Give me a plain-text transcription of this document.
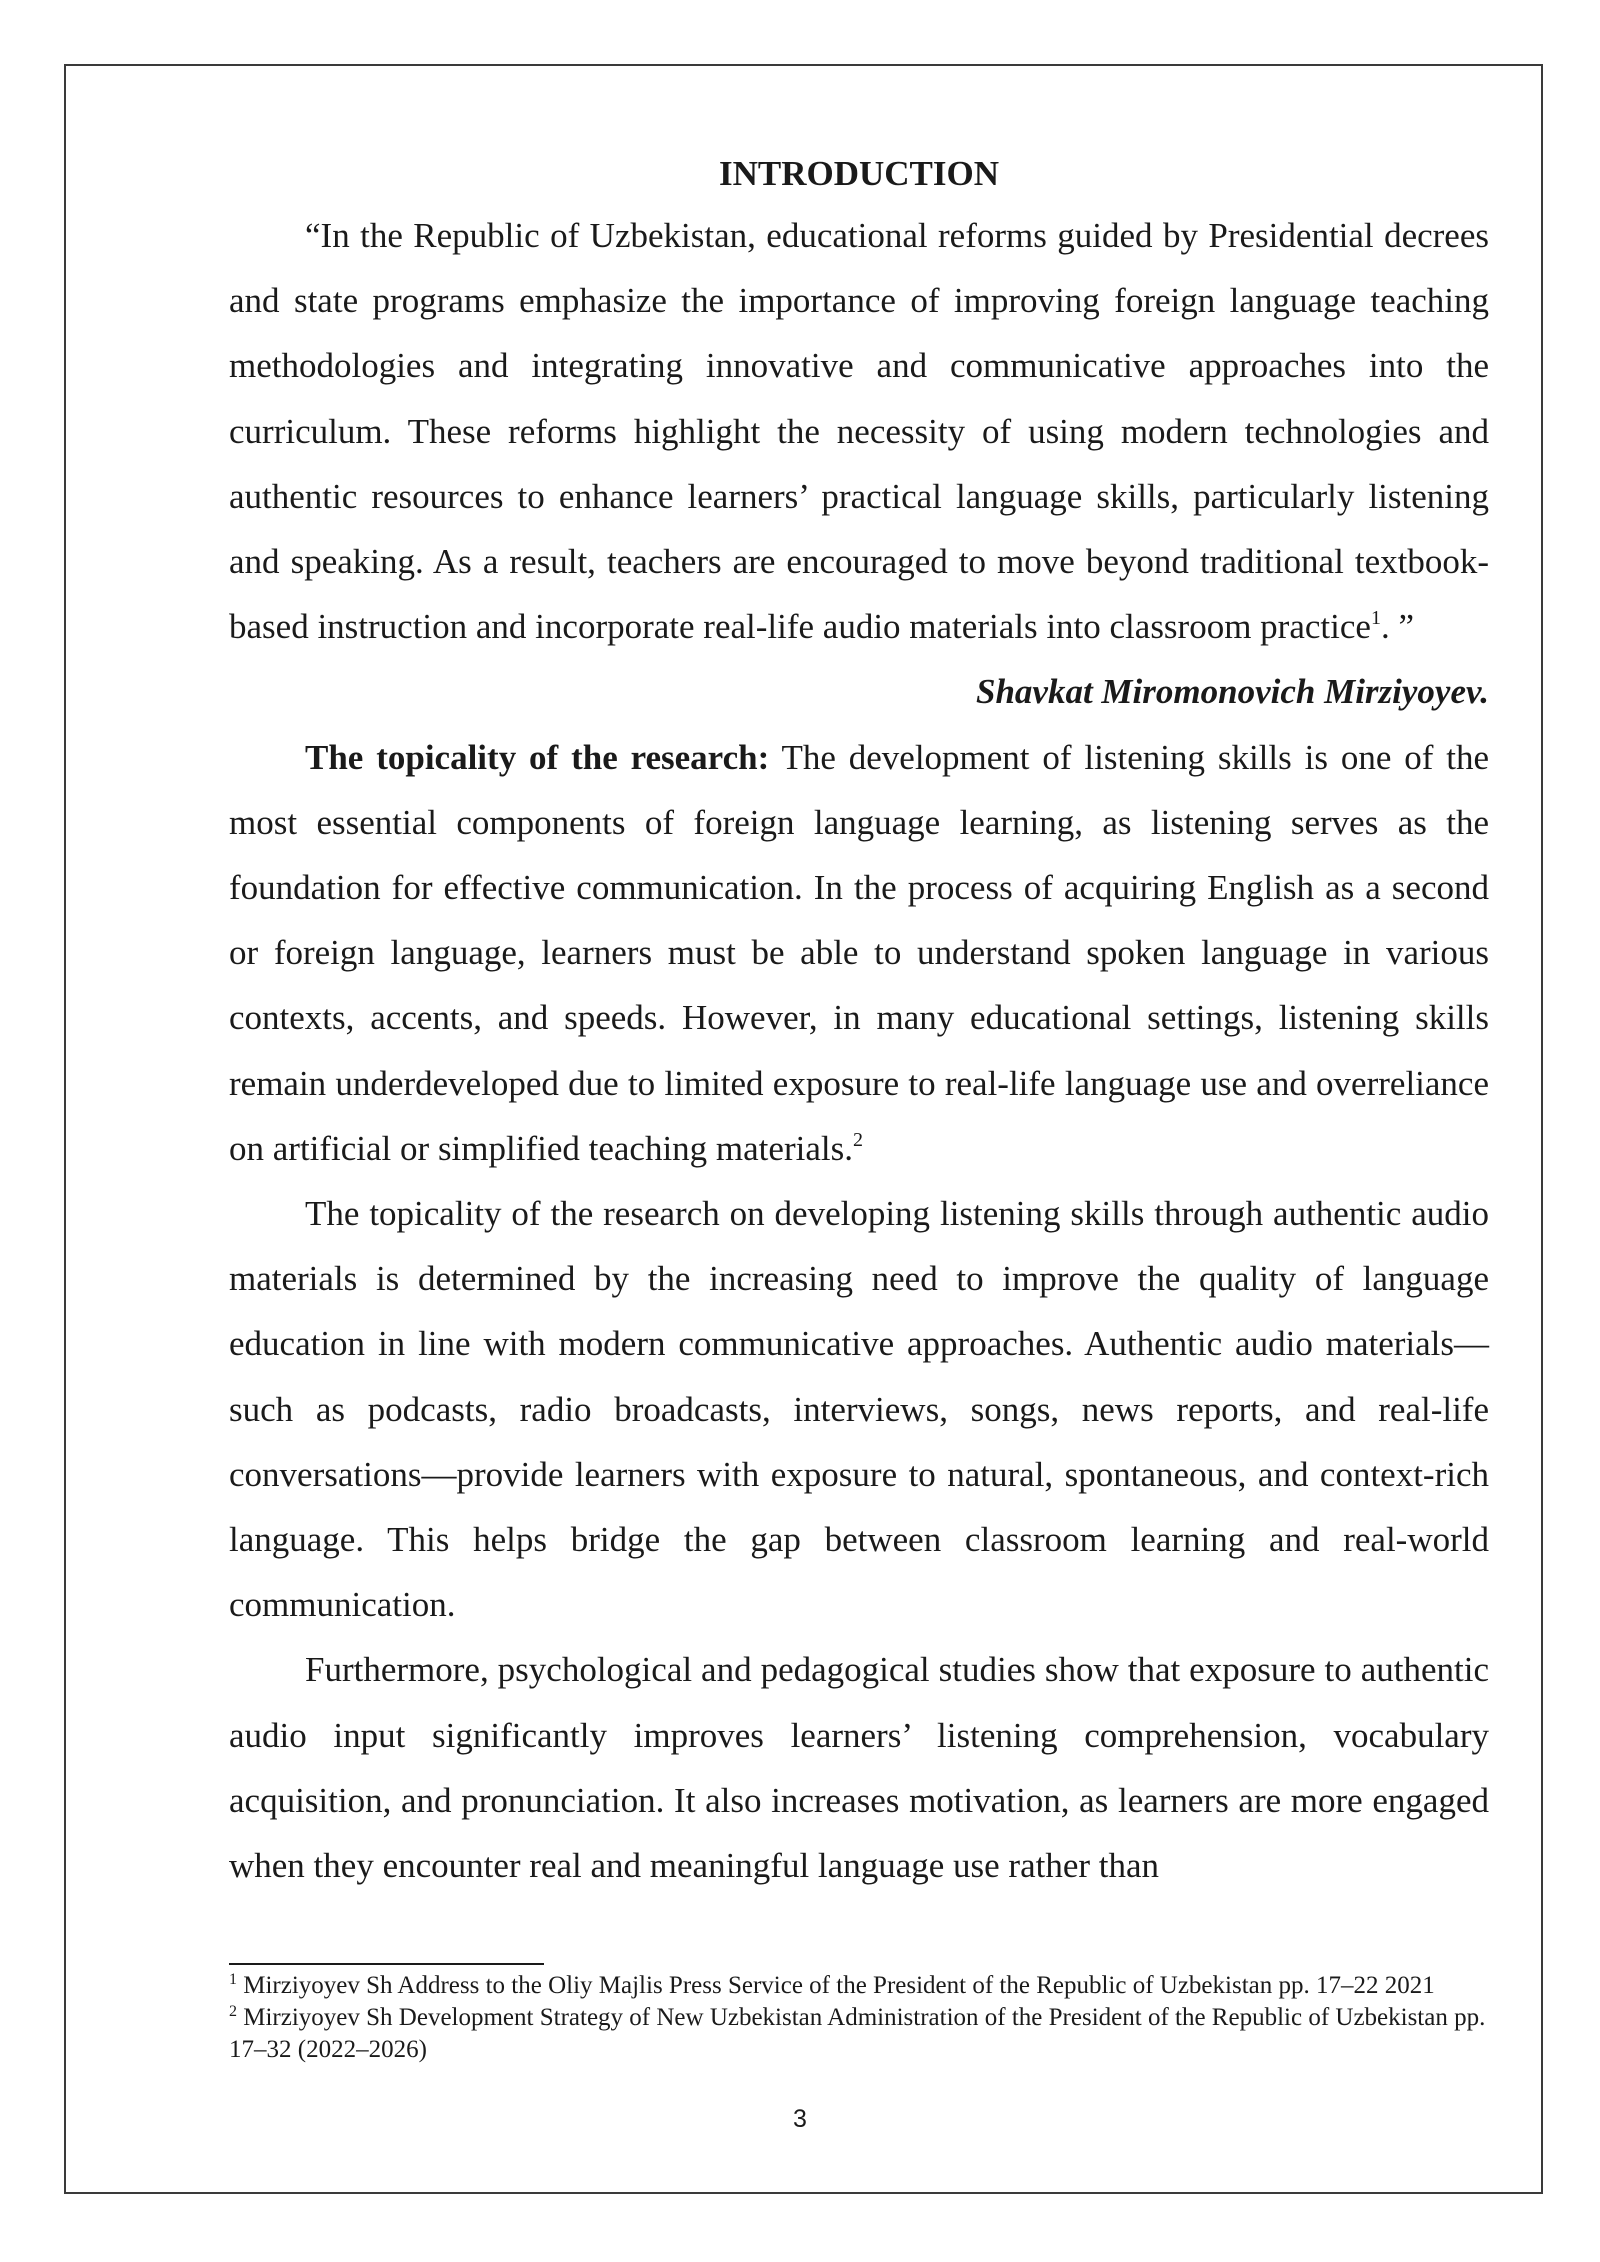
INTRODUCTION

“In the Republic of Uzbekistan, educational reforms guided by Presidential decrees and state programs emphasize the importance of improving foreign language teaching methodologies and integrating innovative and communicative approaches into the curriculum. These reforms highlight the necessity of using modern technologies and authentic resources to enhance learners’ practical language skills, particularly listening and speaking. As a result, teachers are encouraged to move beyond traditional textbook-based instruction and incorporate real-life audio materials into classroom practice$^1$. ”

Shavkat Miromonovich Mirziyoyev.

The topicality of the research: The development of listening skills is one of the most essential components of foreign language learning, as listening serves as the foundation for effective communication. In the process of acquiring English as a second or foreign language, learners must be able to understand spoken language in various contexts, accents, and speeds. However, in many educational settings, listening skills remain underdeveloped due to limited exposure to real-life language use and overreliance on artificial or simplified teaching materials.$^2$

The topicality of the research on developing listening skills through authentic audio materials is determined by the increasing need to improve the quality of language education in line with modern communicative approaches. Authentic audio materials—such as podcasts, radio broadcasts, interviews, songs, news reports, and real-life conversations—provide learners with exposure to natural, spontaneous, and context-rich language. This helps bridge the gap between classroom learning and real-world communication.

Furthermore, psychological and pedagogical studies show that exposure to authentic audio input significantly improves learners’ listening comprehension, vocabulary acquisition, and pronunciation. It also increases motivation, as learners are more engaged when they encounter real and meaningful language use rather than

$^1$ Mirziyoyev Sh Address to the Oliy Majlis Press Service of the President of the Republic of Uzbekistan pp. 17–22 2021

$^2$ Mirziyoyev Sh Development Strategy of New Uzbekistan Administration of the President of the Republic of Uzbekistan pp. 17–32 (2022–2026)

3
